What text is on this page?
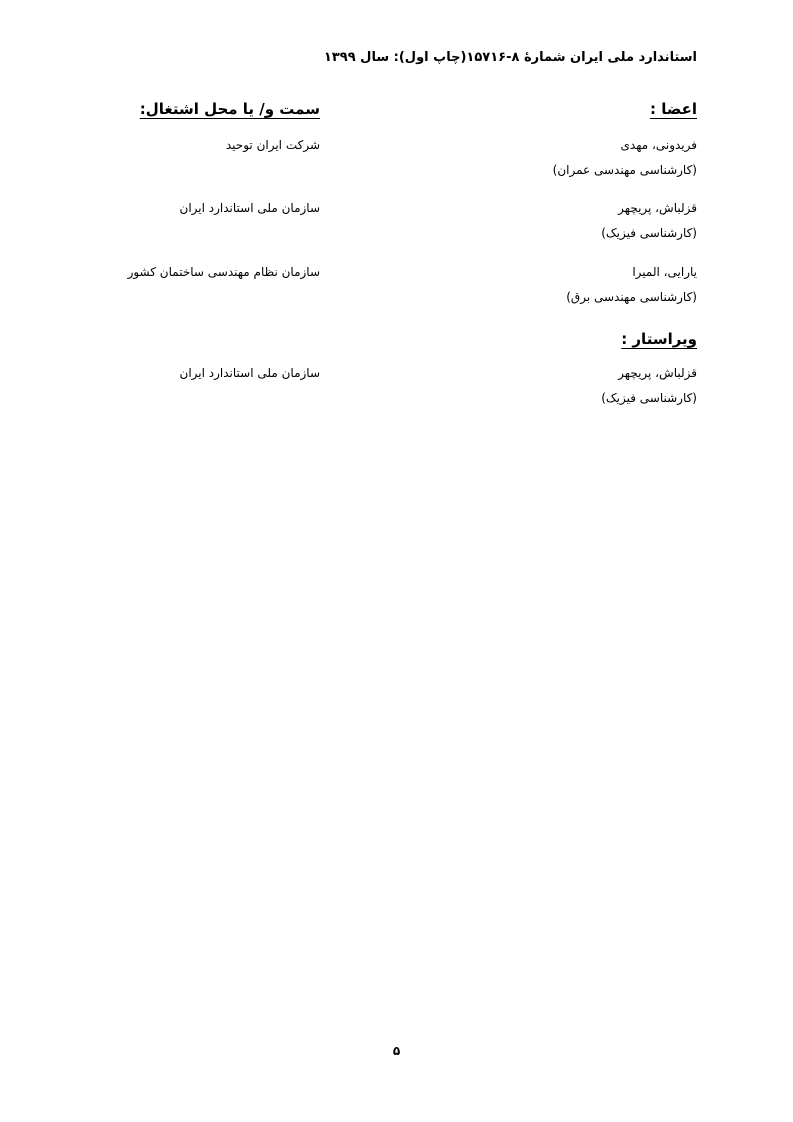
استاندارد ملی ایران شمارۀ ۸-۱۵۷۱۶(چاپ اول): سال ۱۳۹۹
اعضا :
سمت و/ یا محل اشتغال:
فریدونی، مهدی
(کارشناسی مهندسی عمران)
شرکت ایران توحید
قزلباش، پریچهر
(کارشناسی فیزیک)
سازمان ملی استاندارد ایران
یارایی، المیرا
(کارشناسی مهندسی برق)
سازمان نظام مهندسی ساختمان کشور
ویراستار :
قزلباش، پریچهر
(کارشناسی فیزیک)
سازمان ملی استاندارد ایران
۵
